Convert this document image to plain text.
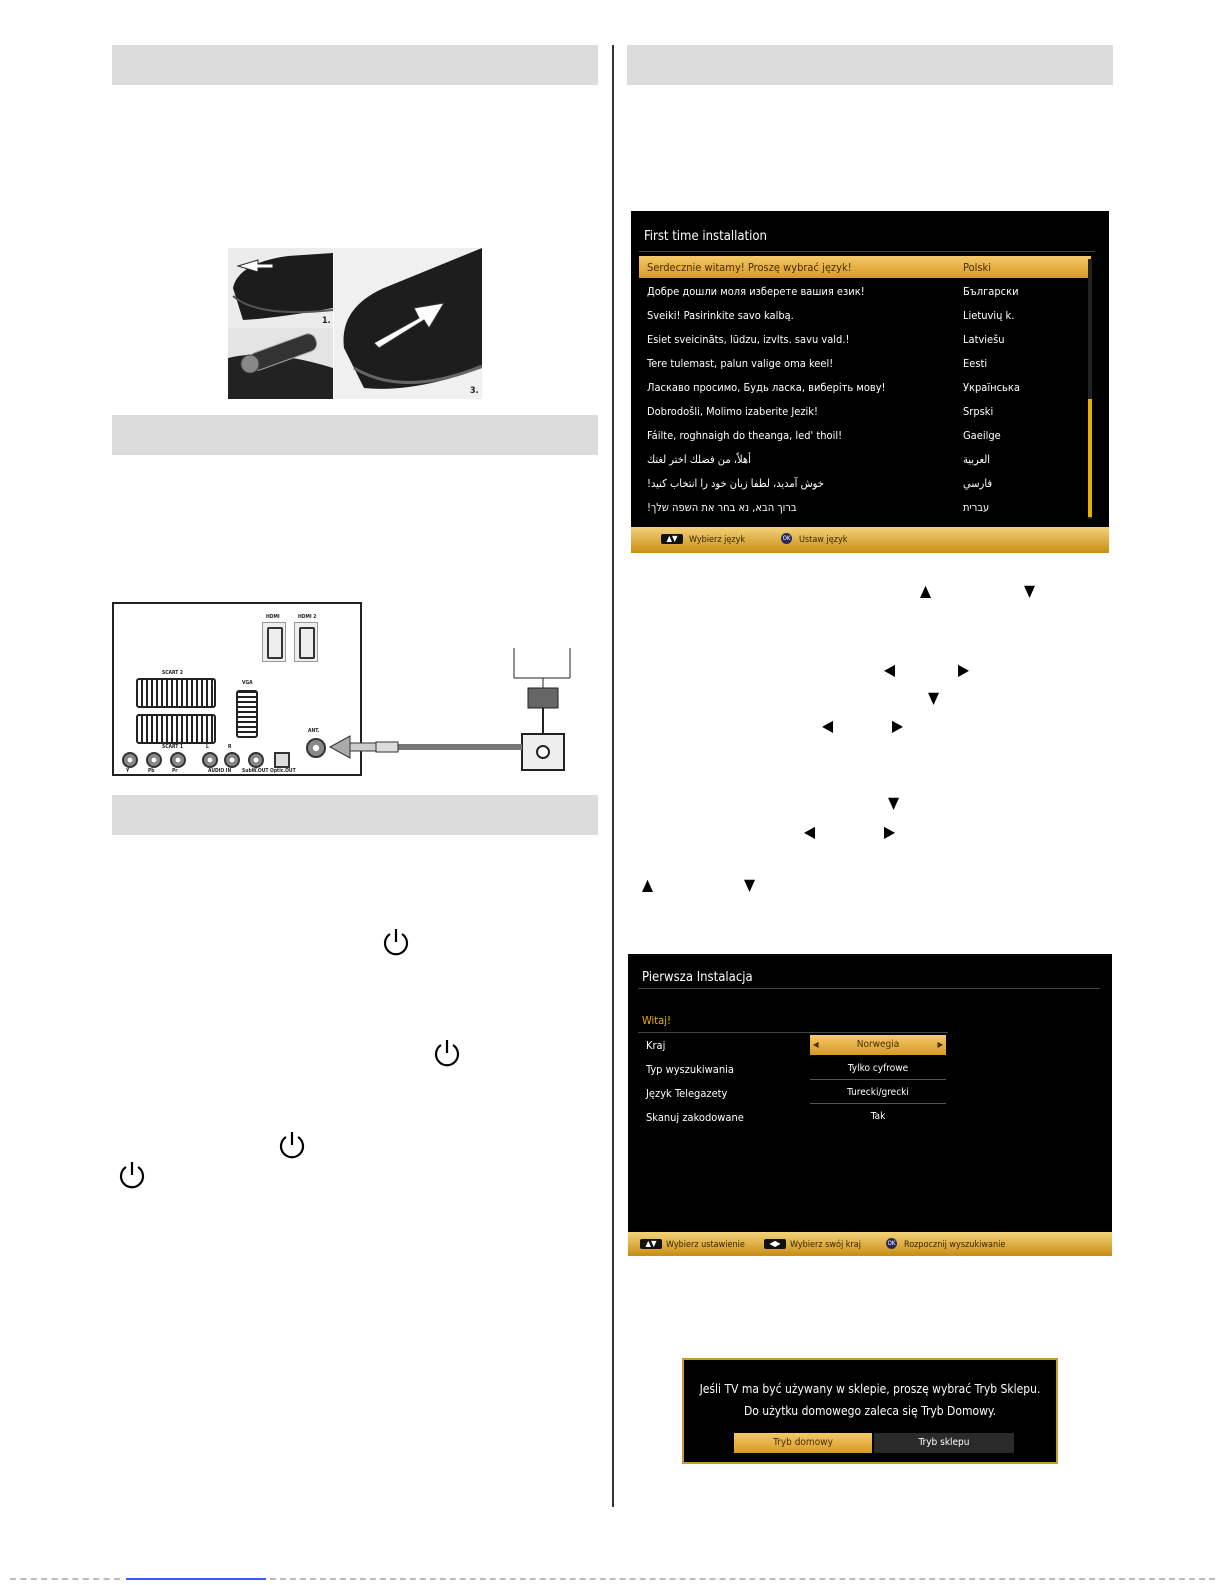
1.
2.	3.
HDMI	HDMI 2
SCART 2
SCART 1
VGA
ANT.
Y	Pb	Pr
L	R
AUDIO IN SubW.OUT Optic.OUT
First time installation
Serdecznie witamy! Proszę wybrać język!	Polski
Добре дошли моля изберете вашия език!	Български
Sveiki! Pasirinkite savo kalbą.	Lietuvių k.
Esiet sveicināts, lūdzu, izvlts. savu vald.!	Latviešu
Tere tulemast, palun valige oma keel!	Eesti
Ласкаво просимо, Будь ласка, виберіть мову!	Українська
Dobrodošli, Molimo izaberite Jezik!	Srpski
Fáilte, roghnaigh do theanga, led' thoil!	Gaeilge
أهلاً، من فضلك اختر لغتك	العربية
خوش آمدید، لطفا زبان خود را انتخاب کنید!	فارسي
ברוך הבא, נא בחר את השפה שלך!	עברית
▲▼	Wybierz język	OK Ustaw język
▲	▼
◀	▶
▼
◀	▶
▼
◀	▶
▲	▼
Pierwsza Instalacja
Witaj!
Kraj	◀	Norwegia	▶
Typ wyszukiwania	Tylko cyfrowe
Język Telegazety	Turecki/grecki
Skanuj zakodowane	Tak
▲▼	Wybierz ustawienie	◀▶	Wybierz swój kraj	OK Rozpocznij wyszukiwanie
Jeśli TV ma być używany w sklepie, proszę wybrać Tryb Sklepu. Do użytku domowego zaleca się Tryb Domowy.
Tryb domowy	Tryb sklepu
